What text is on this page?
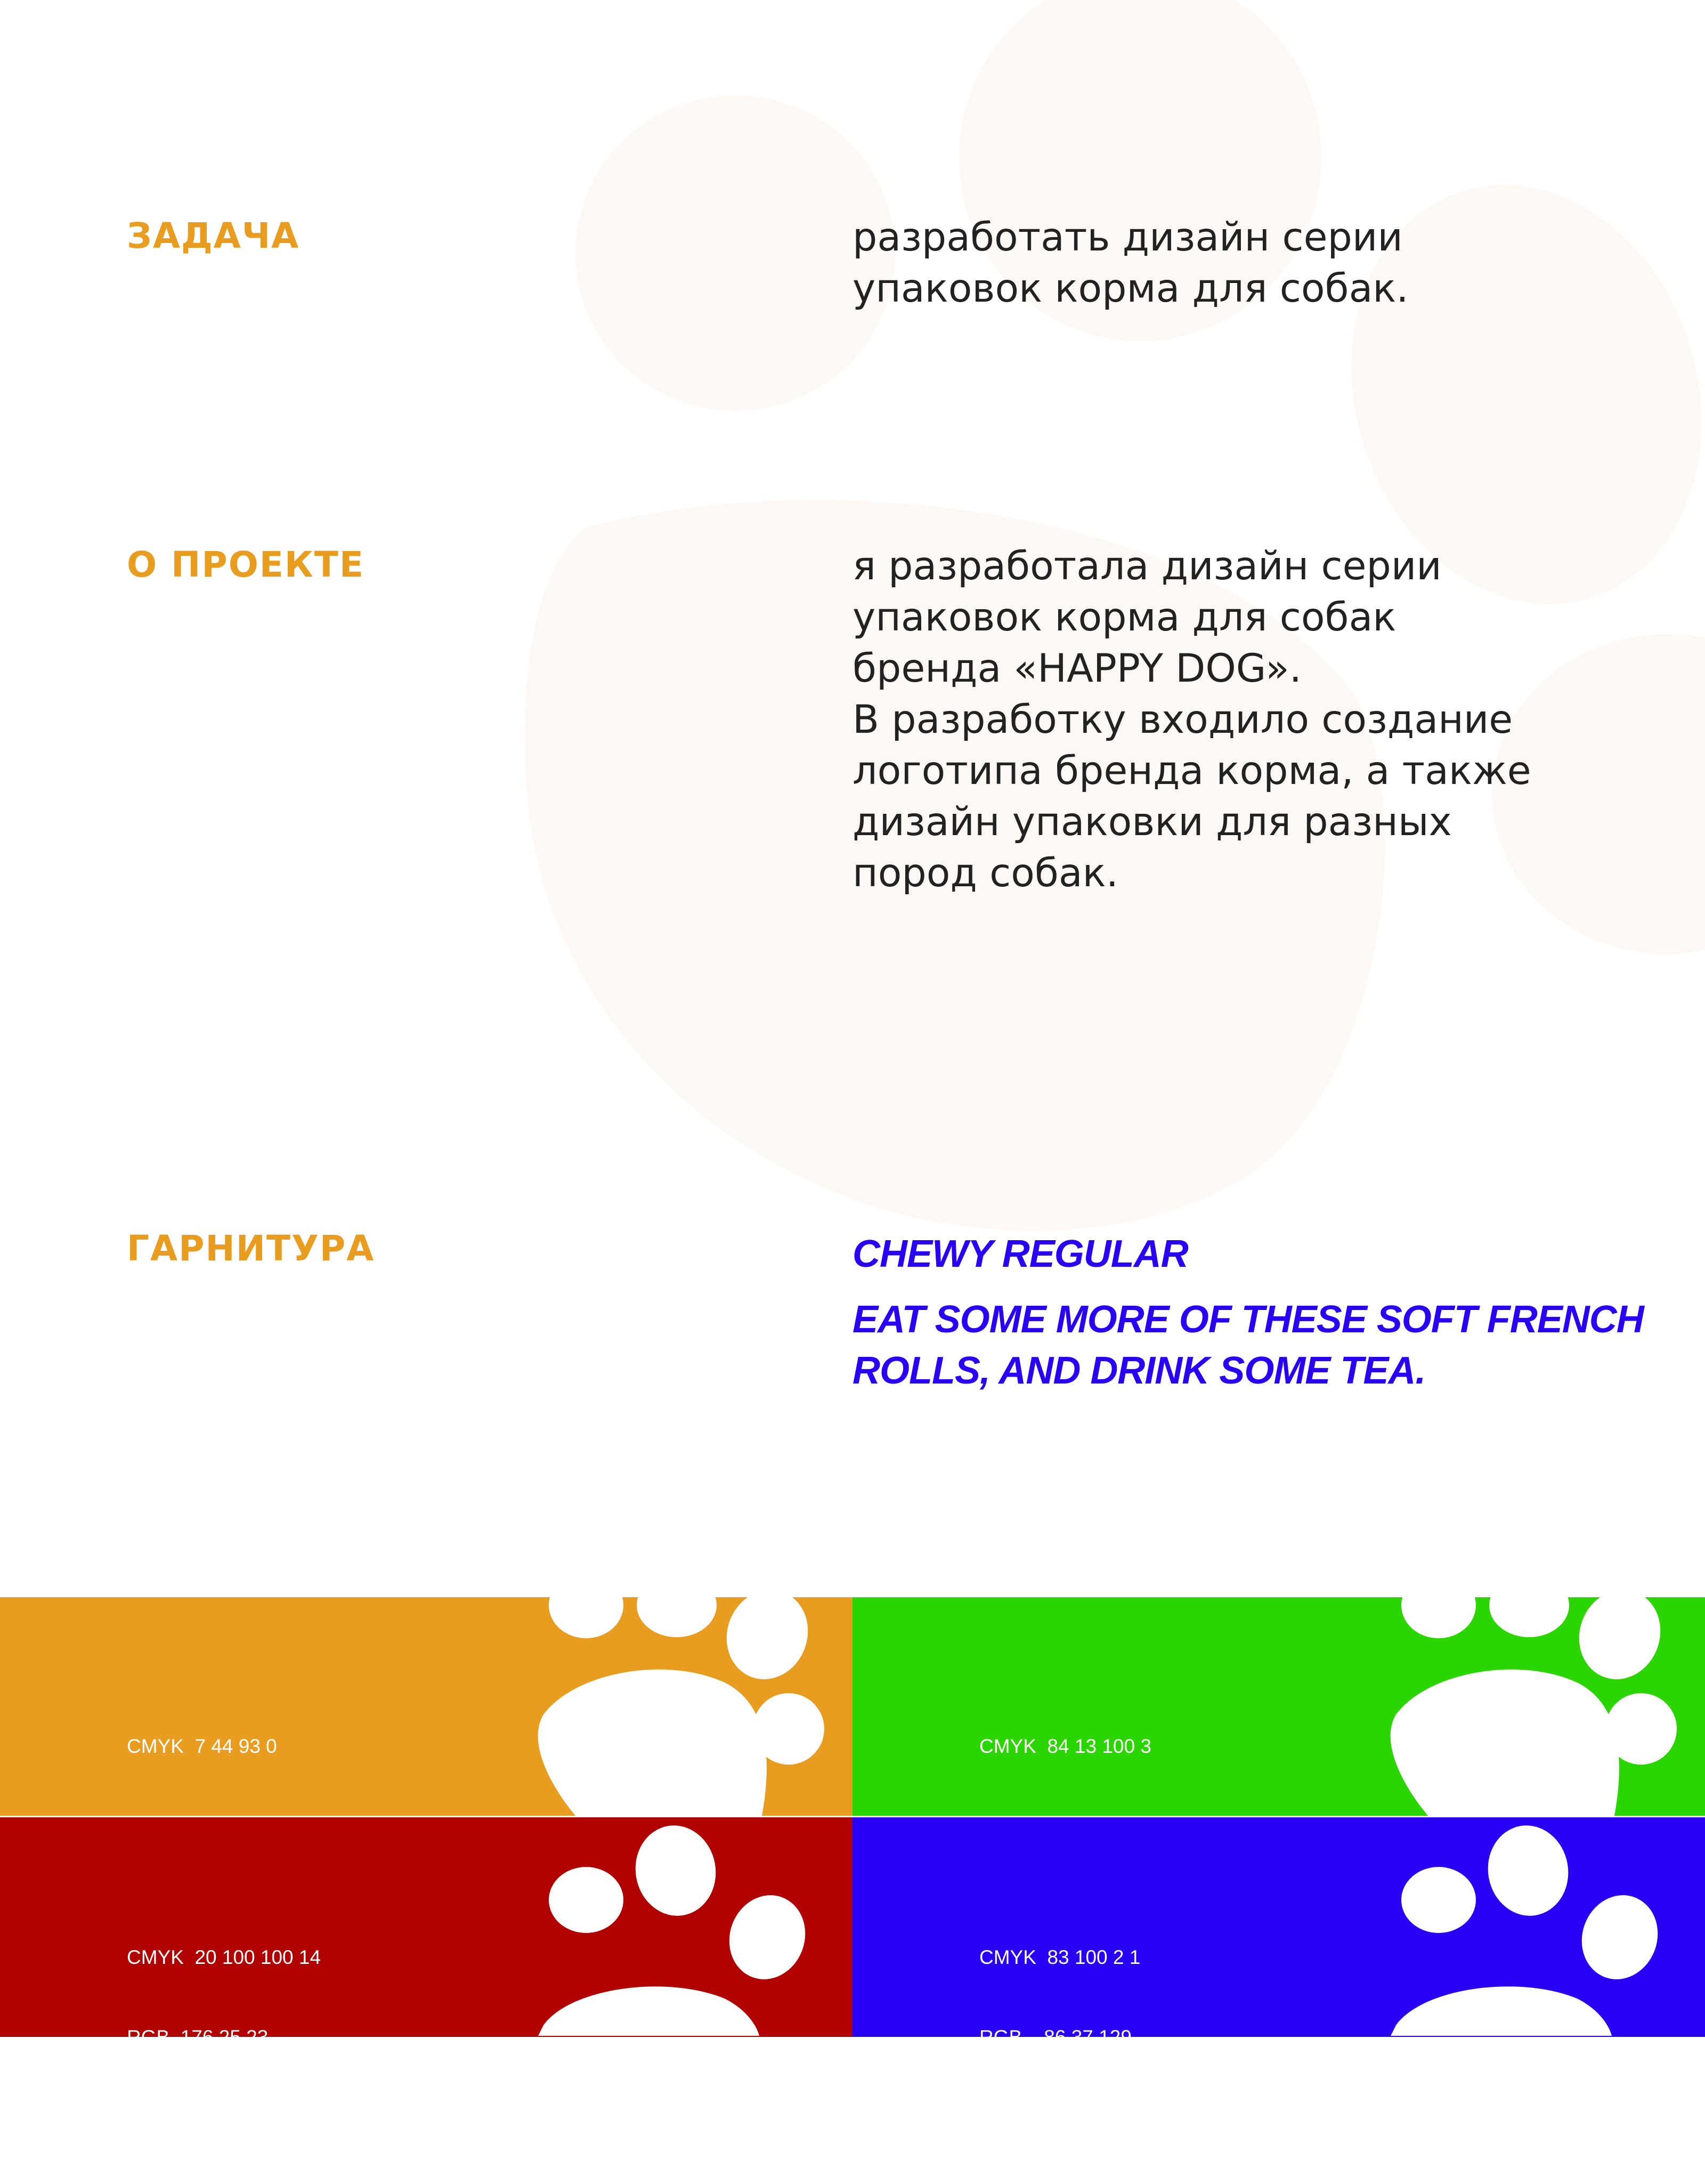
ЗАДАЧА	разработать дизайн серии
упаковок корма для собак.

О ПРОЕКТЕ	я разработала дизайн серии
упаковок корма для собак
бренда «HAPPY DOG».
В разработку входило создание
логотипа бренда корма, а также
дизайн упаковки для разных
пород собак.

ГАРНИТУРА	CHEWY REGULAR

EAT SOME MORE OF THESE SOFT FRENCH
ROLLS, AND DRINK SOME TEA.

CMYK  7 44 93 0

	CMYK  84 13 100 3

CMYK  20 100 100 14

RGB  176 25 23

#b01917

CMYK  83 100 2 1

RGB    86 37 129

#562581
